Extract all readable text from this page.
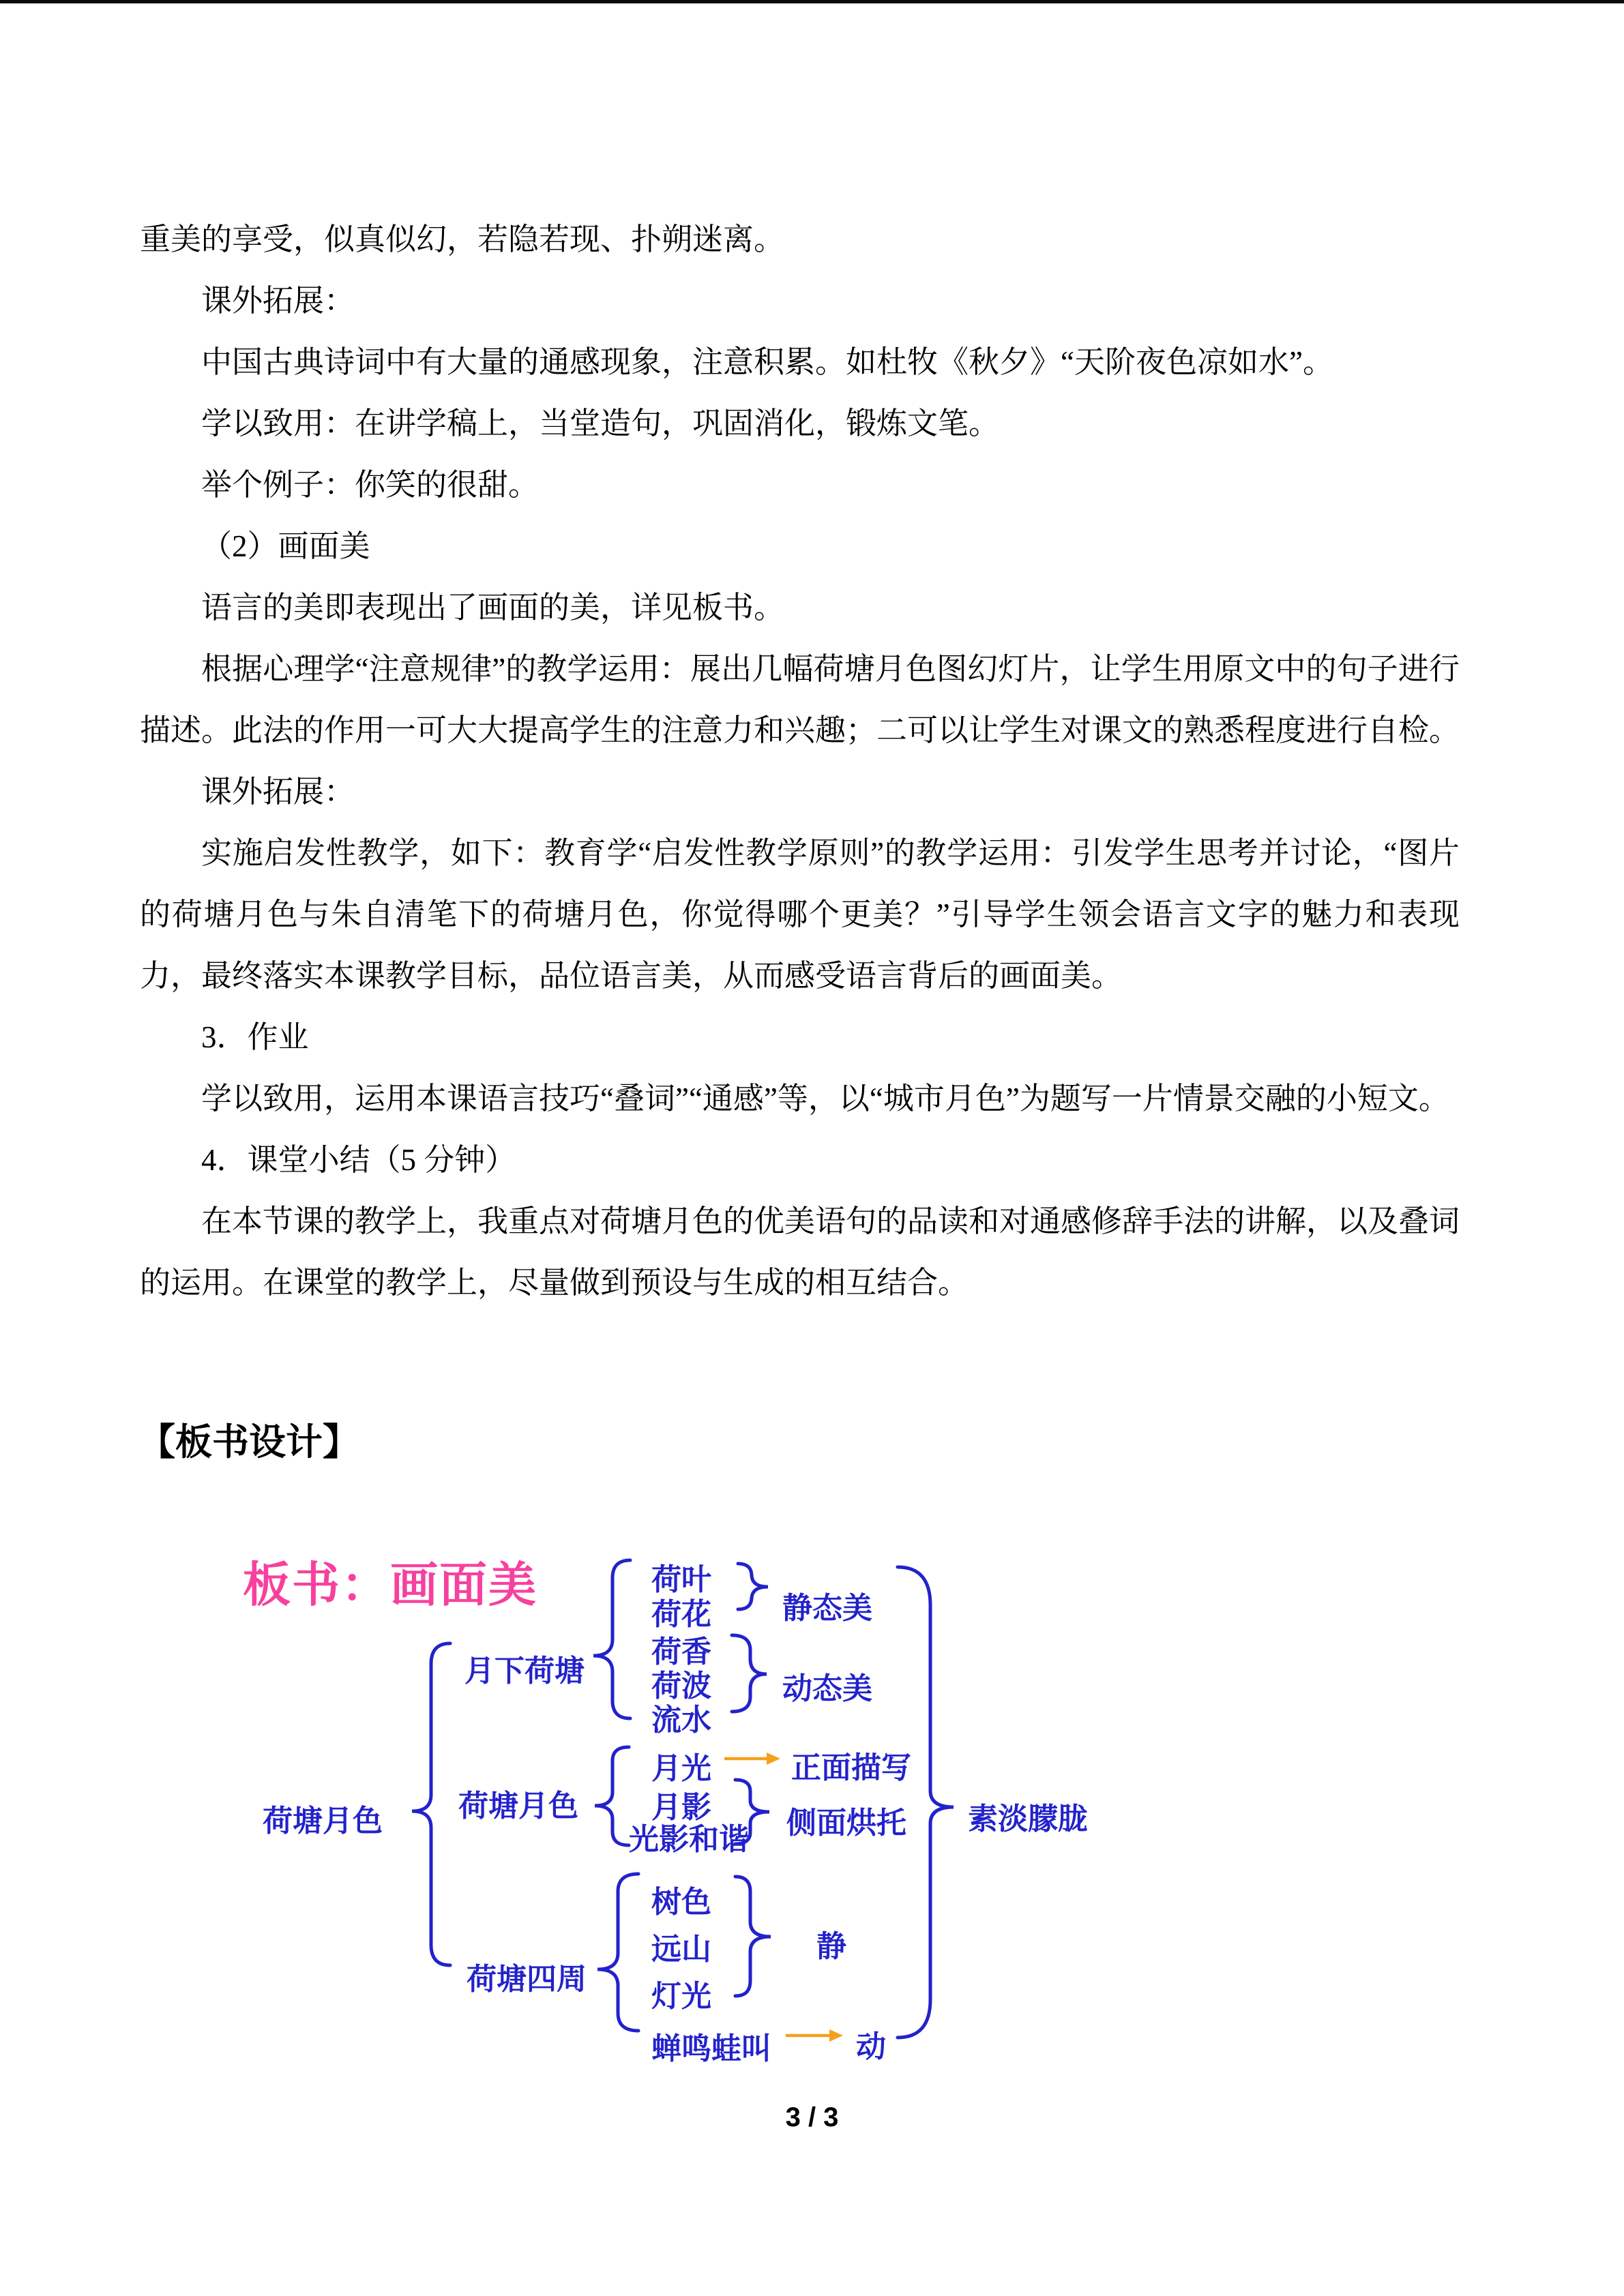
重美的享受，似真似幻，若隐若现、扑朔迷离。

课外拓展：

中国古典诗词中有大量的通感现象，注意积累。如杜牧《秋夕》“天阶夜色凉如水”。

学以致用：在讲学稿上，当堂造句，巩固消化，锻炼文笔。

举个例子：你笑的很甜。

（2）画面美

语言的美即表现出了画面的美，详见板书。

根据心理学“注意规律”的教学运用：展出几幅荷塘月色图幻灯片，让学生用原文中的句子进行描述。此法的作用一可大大提高学生的注意力和兴趣；二可以让学生对课文的熟悉程度进行自检。

课外拓展：

实施启发性教学，如下：教育学“启发性教学原则”的教学运用：引发学生思考并讨论，“图片的荷塘月色与朱自清笔下的荷塘月色，你觉得哪个更美？”引导学生领会语言文字的魅力和表现力，最终落实本课教学目标，品位语言美，从而感受语言背后的画面美。

3．作业

学以致用，运用本课语言技巧“叠词”“通感”等，以“城市月色”为题写一片情景交融的小短文。

4．课堂小结（5 分钟）

在本节课的教学上，我重点对荷塘月色的优美语句的品读和对通感修辞手法的讲解，以及叠词的运用。在课堂的教学上，尽量做到预设与生成的相互结合。

【板书设计】
板书：画面美
荷塘月色
月下荷塘
荷叶
荷花 静态美
荷香
荷波
流水
动态美
荷塘月色
月光	正面描写
月影
光影和谐 侧面烘托
荷塘四周
树色
远山
灯光
静
蝉鸣蛙叫	动
素淡朦胧
3 / 3
